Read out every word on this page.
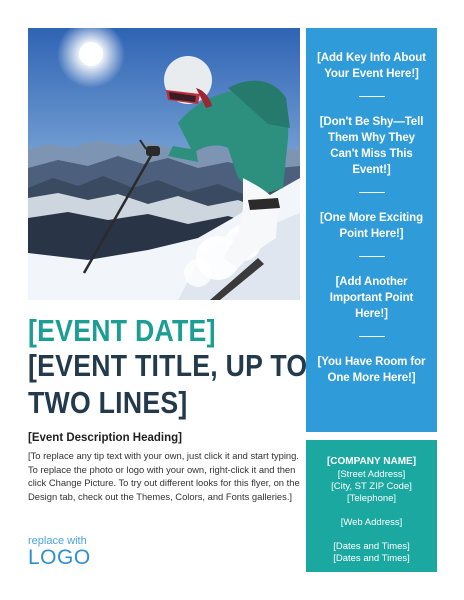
[Add Key Info About Your Event Here!]
[Don't Be Shy—Tell Them Why They Can't Miss This Event!]
[One More Exciting Point Here!]
[Add Another Important Point Here!]
[You Have Room for One More Here!]
[COMPANY NAME]
[Street Address]
[City, ST ZIP Code]
[Telephone]
[Web Address]
[Dates and Times]
[Dates and Times]
[EVENT DATE]
[EVENT TITLE, UP TO TWO LINES]
[Event Description Heading]
[To replace any tip text with your own, just click it and start typing. To replace the photo or logo with your own, right-click it and then click Change Picture. To try out different looks for this flyer, on the Design tab, check out the Themes, Colors, and Fonts galleries.]
replace with
LOGO
